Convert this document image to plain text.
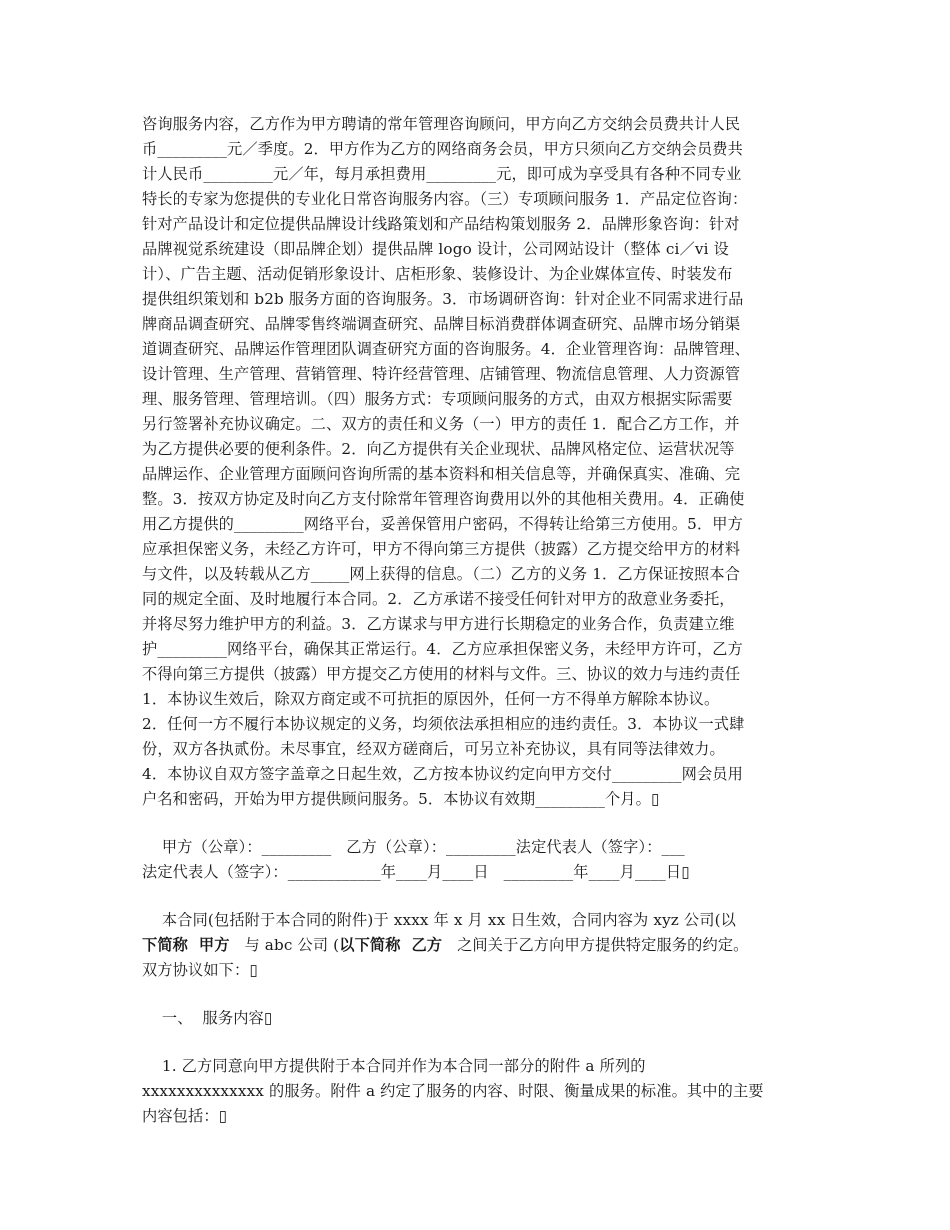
咨询服务内容，乙方作为甲方聘请的常年管理咨询顾问，甲方向乙方交纳会员费共计人民
币_________元／季度。2．甲方作为乙方的网络商务会员，甲方只须向乙方交纳会员费共
计人民币_________元／年，每月承担费用_________元，即可成为享受具有各种不同专业
特长的专家为您提供的专业化日常咨询服务内容。（三）专项顾问服务 1．产品定位咨询：
针对产品设计和定位提供品牌设计线路策划和产品结构策划服务 2．品牌形象咨询：针对
品牌视觉系统建设（即品牌企划）提供品牌 logo 设计，公司网站设计（整体 ci／vi 设
计）、广告主题、活动促销形象设计、店柜形象、装修设计、为企业媒体宣传、时装发布
提供组织策划和 b2b 服务方面的咨询服务。3．市场调研咨询：针对企业不同需求进行品
牌商品调查研究、品牌零售终端调查研究、品牌目标消费群体调查研究、品牌市场分销渠
道调查研究、品牌运作管理团队调查研究方面的咨询服务。4．企业管理咨询：品牌管理、
设计管理、生产管理、营销管理、特许经营管理、店铺管理、物流信息管理、人力资源管
理、服务管理、管理培训。（四）服务方式：专项顾问服务的方式，由双方根据实际需要
另行签署补充协议确定。二、双方的责任和义务（一）甲方的责任 1．配合乙方工作，并
为乙方提供必要的便利条件。2．向乙方提供有关企业现状、品牌风格定位、运营状况等
品牌运作、企业管理方面顾问咨询所需的基本资料和相关信息等，并确保真实、准确、完
整。3．按双方协定及时向乙方支付除常年管理咨询费用以外的其他相关费用。4．正确使
用乙方提供的_________网络平台，妥善保管用户密码，不得转让给第三方使用。5．甲方
应承担保密义务，未经乙方许可，甲方不得向第三方提供（披露）乙方提交给甲方的材料
与文件，以及转载从乙方_____网上获得的信息。（二）乙方的义务 1．乙方保证按照本合
同的规定全面、及时地履行本合同。2．乙方承诺不接受任何针对甲方的敌意业务委托，
并将尽努力维护甲方的利益。3．乙方谋求与甲方进行长期稳定的业务合作，负责建立维
护_________网络平台，确保其正常运行。4．乙方应承担保密义务，未经甲方许可，乙方
不得向第三方提供（披露）甲方提交乙方使用的材料与文件。三、协议的效力与违约责任
1．本协议生效后，除双方商定或不可抗拒的原因外，任何一方不得单方解除本协议。
2．任何一方不履行本协议规定的义务，均须依法承担相应的违约责任。3．本协议一式肆
份，双方各执贰份。未尽事宜，经双方磋商后，可另立补充协议，具有同等法律效力。
4．本协议自双方签字盖章之日起生效，乙方按本协议约定向甲方交付_________网会员用
户名和密码，开始为甲方提供顾问服务。5．本协议有效期_________个月。▯
甲方（公章）：_________   乙方（公章）：_________法定代表人（签字）：___
法定代表人（签字）：____________年____月____日   _________年____月____日▯
本合同(包括附于本合同的附件)于 xxxx 年 x 月 xx 日生效，合同内容为 xyz 公司(以
下简称  甲方   与 abc 公司 (以下简称  乙方   之间关于乙方向甲方提供特定服务的约定。
双方协议如下：▯
一、  服务内容▯
1. 乙方同意向甲方提供附于本合同并作为本合同一部分的附件 a 所列的
xxxxxxxxxxxxxx 的服务。附件 a 约定了服务的内容、时限、衡量成果的标准。其中的主要
内容包括：▯
